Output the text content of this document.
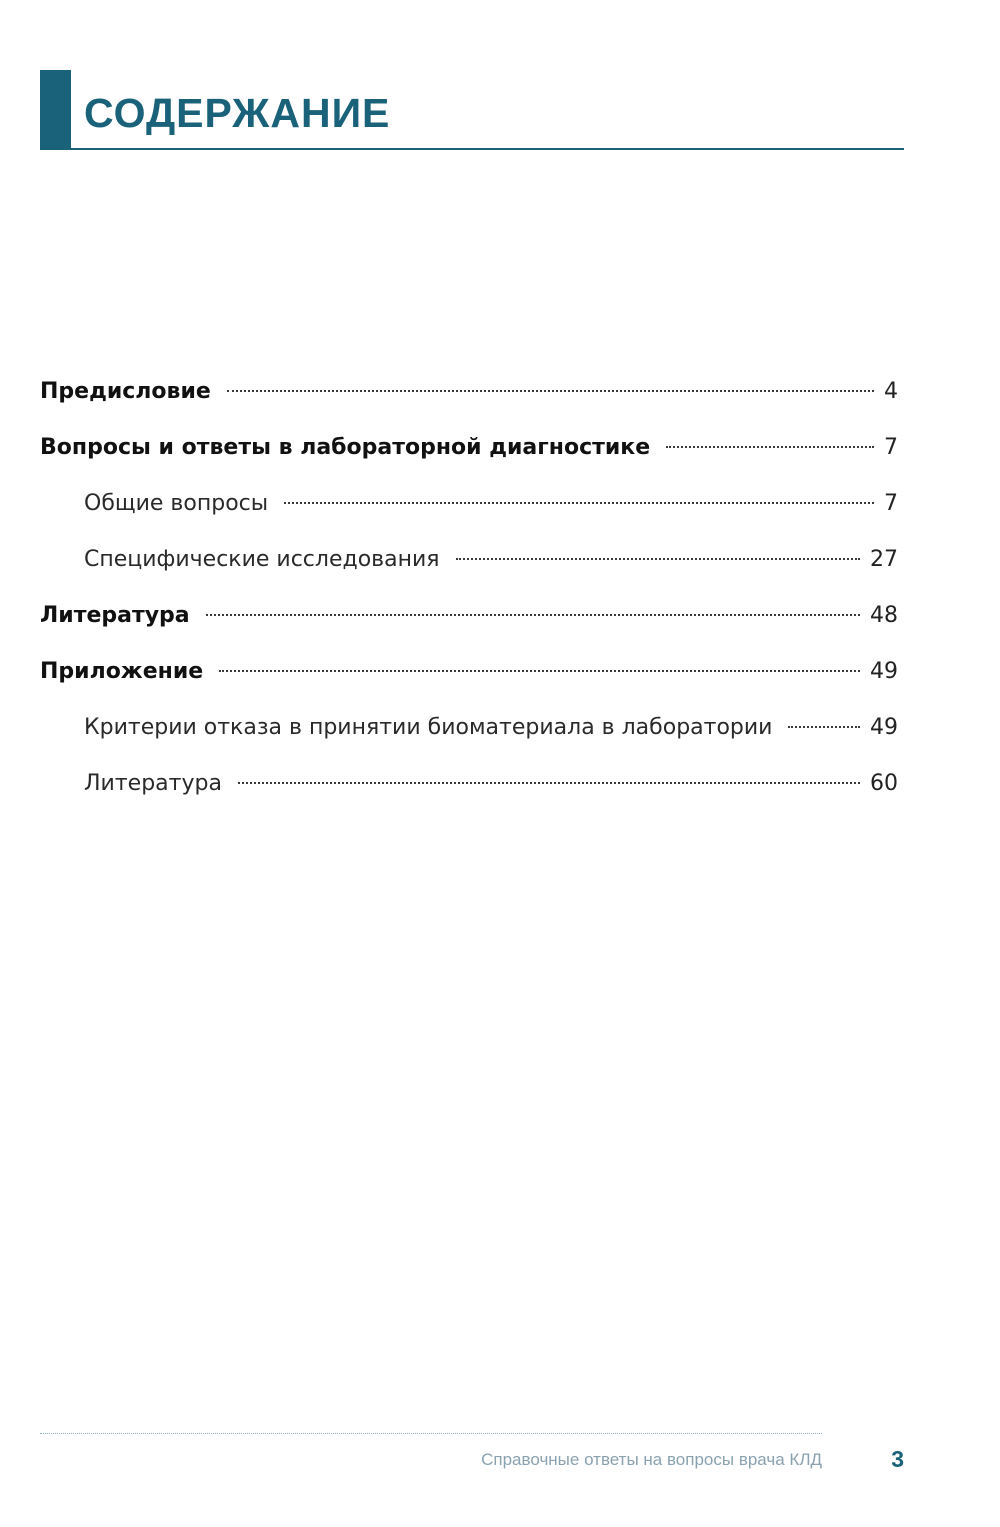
СОДЕРЖАНИЕ
Предисловие	4
Вопросы и ответы в лабораторной диагностике	7
Общие вопросы	7
Специфические исследования	27
Литература	48
Приложение	49
Критерии отказа в принятии биоматериала в лаборатории	49
Литература	60
Справочные ответы на вопросы врача КЛД	3
